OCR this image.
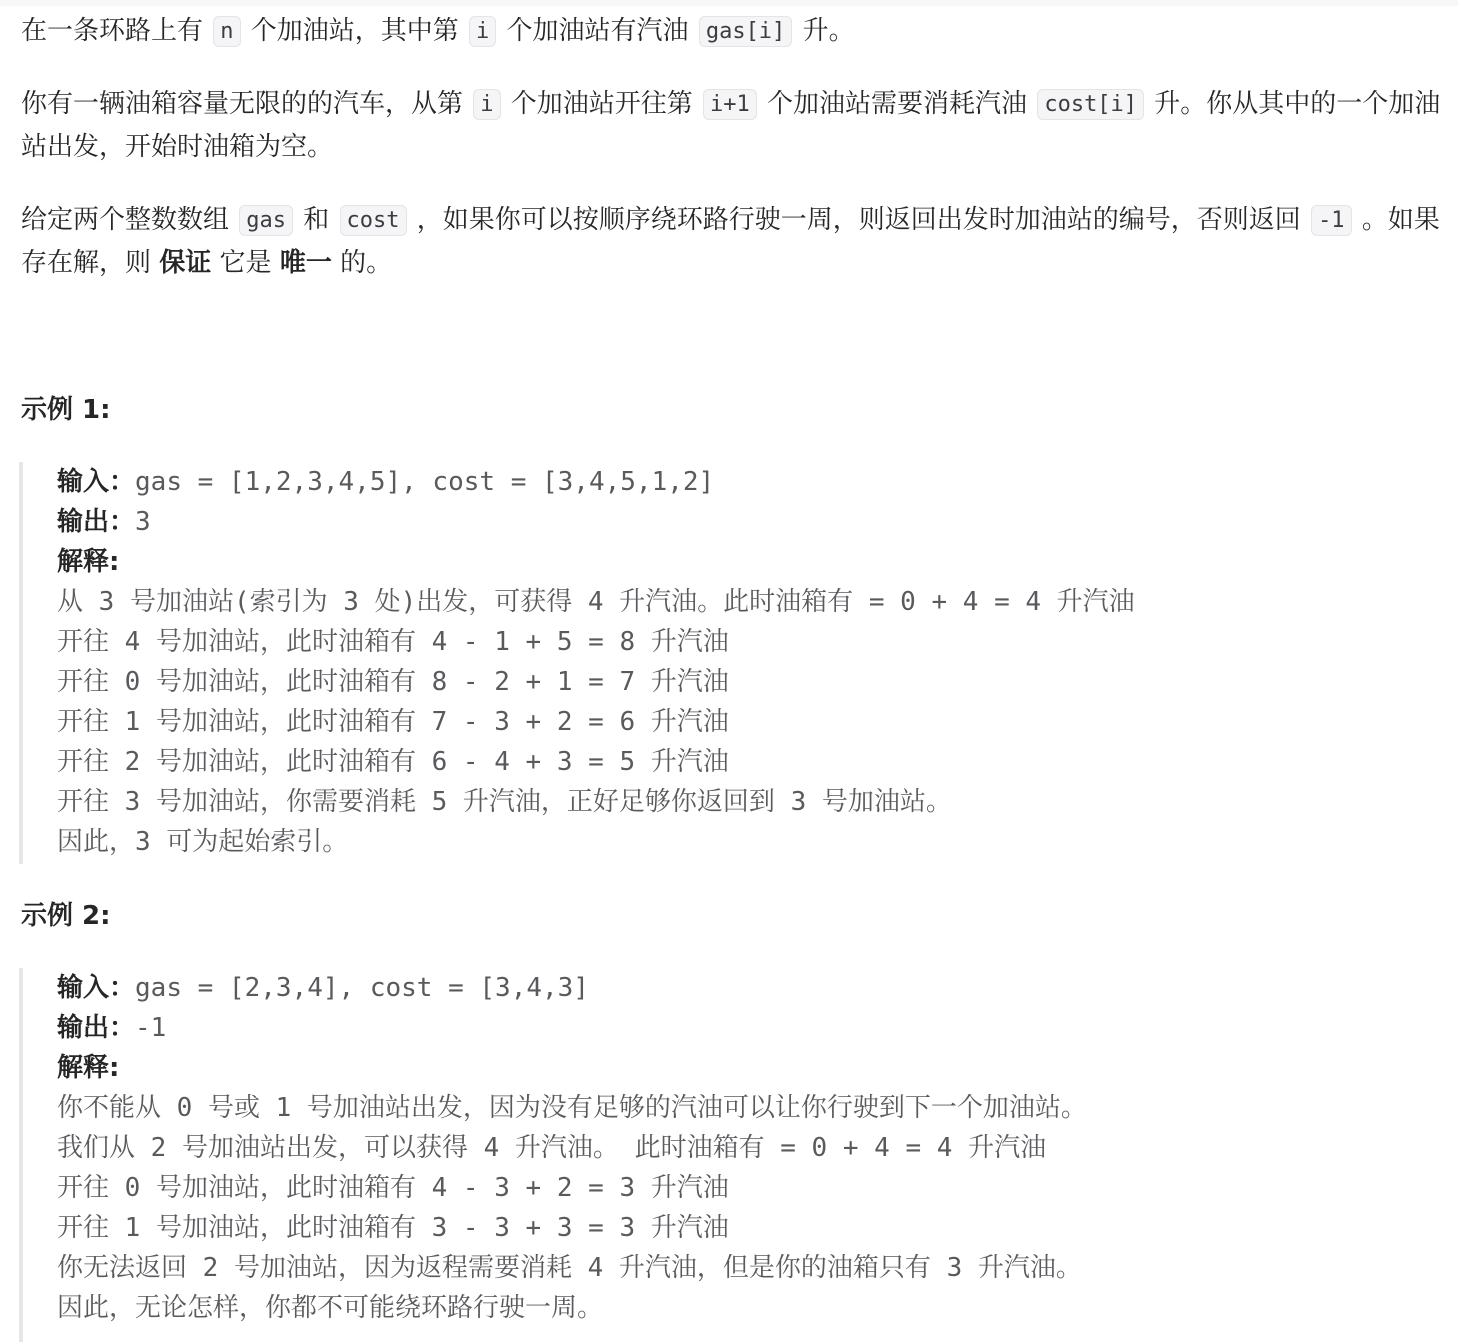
在一条环路上有 n 个加油站，其中第 i 个加油站有汽油 gas[i] 升。
你有一辆油箱容量无限的的汽车，从第 i 个加油站开往第 i+1 个加油站需要消耗汽油 cost[i] 升。你从其中的一个加油站出发，开始时油箱为空。
给定两个整数数组 gas 和 cost ，如果你可以按顺序绕环路行驶一周，则返回出发时加油站的编号，否则返回 -1 。如果存在解，则 保证 它是 唯一 的。
示例 1:
输入：gas = [1,2,3,4,5], cost = [3,4,5,1,2]
输出：3
解释:
从 3 号加油站(索引为 3 处)出发，可获得 4 升汽油。此时油箱有 = 0 + 4 = 4 升汽油
开往 4 号加油站，此时油箱有 4 - 1 + 5 = 8 升汽油
开往 0 号加油站，此时油箱有 8 - 2 + 1 = 7 升汽油
开往 1 号加油站，此时油箱有 7 - 3 + 2 = 6 升汽油
开往 2 号加油站，此时油箱有 6 - 4 + 3 = 5 升汽油
开往 3 号加油站，你需要消耗 5 升汽油，正好足够你返回到 3 号加油站。
因此，3 可为起始索引。
示例 2:
输入：gas = [2,3,4], cost = [3,4,3]
输出：-1
解释:
你不能从 0 号或 1 号加油站出发，因为没有足够的汽油可以让你行驶到下一个加油站。
我们从 2 号加油站出发，可以获得 4 升汽油。 此时油箱有 = 0 + 4 = 4 升汽油
开往 0 号加油站，此时油箱有 4 - 3 + 2 = 3 升汽油
开往 1 号加油站，此时油箱有 3 - 3 + 3 = 3 升汽油
你无法返回 2 号加油站，因为返程需要消耗 4 升汽油，但是你的油箱只有 3 升汽油。
因此，无论怎样，你都不可能绕环路行驶一周。
